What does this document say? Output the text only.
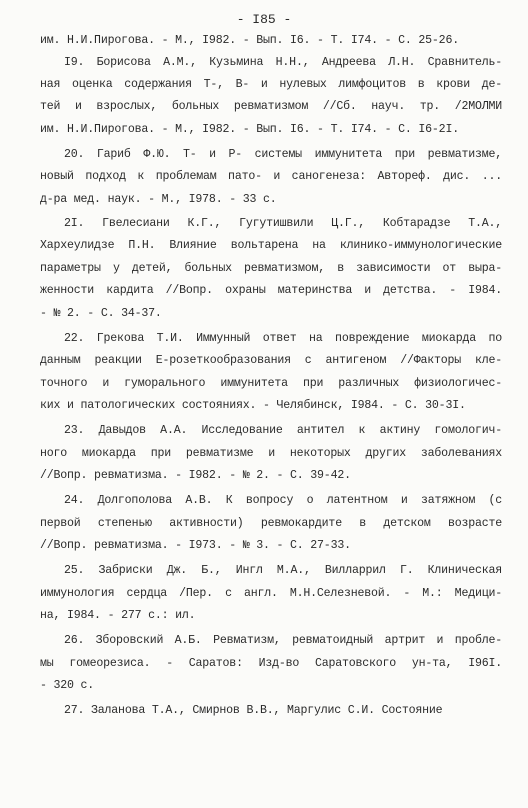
- I85 -
им. Н.И.Пирогова. - М., I982. - Вып. I6. - Т. I74. - С. 25-26.
I9. Борисова А.М., Кузьмина Н.Н., Андреева Л.Н. Сравнитель-
ная оценка содержания Т-, В- и нулевых лимфоцитов в крови де-
тей и взрослых, больных ревматизмом //Сб. науч. тр. /2МОЛМИ
им. Н.И.Пирогова. - М., I982. - Вып. I6. - Т. I74. - С. I6-2I.
20. Гариб Ф.Ю. Т- и Р- системы иммунитета при ревматизме,
новый подход к проблемам пато- и саногенеза: Автореф. дис. ...
д-ра мед. наук. - М., I978. - 33 с.
2I. Гвелесиани К.Г., Гугутишвили Ц.Г., Кобтарадзе Т.А.,
Хархеулидзе П.Н. Влияние вольтарена на клинико-иммунологические
параметры у детей, больных ревматизмом, в зависимости от выра-
женности кардита //Вопр. охраны материнства и детства. - I984.
- № 2. - С. 34-37.
22. Грекова Т.И. Иммунный ответ на повреждение миокарда по
данным реакции Е-розеткообразования с антигеном //Факторы кле-
точного и гуморального иммунитета при различных физиологичес-
ких и патологических состояниях. - Челябинск, I984. - С. 30-3I.
23. Давыдов А.А. Исследование антител к актину гомологич-
ного миокарда при ревматизме и некоторых других заболеваниях
//Вопр. ревматизма. - I982. - № 2. - С. 39-42.
24. Долгополова А.В. К вопросу о латентном и затяжном (с
первой степенью активности) ревмокардите в детском возрасте
//Вопр. ревматизма. - I973. - № 3. - С. 27-33.
25. Забриски Дж. Б., Ингл М.А., Вилларрил Г. Клиническая
иммунология сердца /Пер. с англ. М.Н.Селезневой. - М.: Медици-
на, I984. - 277 с.: ил.
26. Зборовский А.Б. Ревматизм, ревматоидный артрит и пробле-
мы гомеорезиса. - Саратов: Изд-во Саратовского ун-та, I96I.
- 320 с.
27. Заланова Т.А., Смирнов В.В., Маргулис С.И. Состояние
